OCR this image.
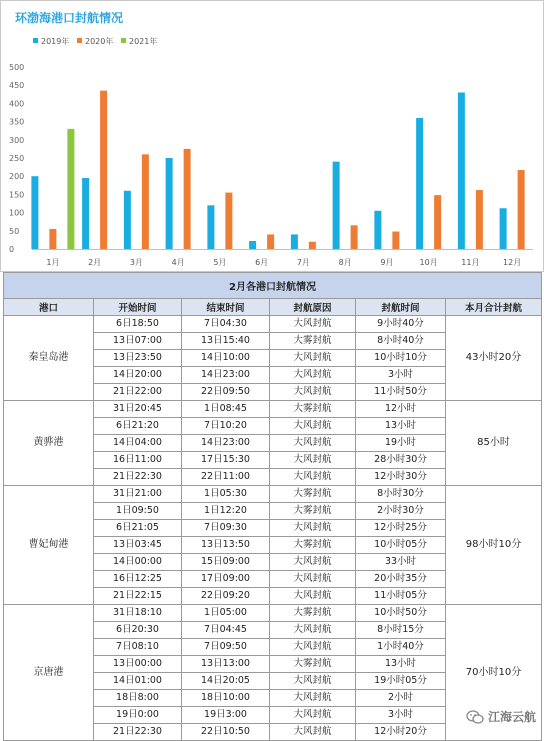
环渤海港口封航情况
2019年 2020年 2021年
0
50
100
150
200
250
300
350
400
450
500
1月	2月	3月	4月	5月	6月	7月	8月	9月	10月	11月	12月
2月各港口封航情况					
港口	开始时间	结束时间	封航原因	封航时间	本月合计封航
秦皇岛港	6日18:50	7日04:30	大风封航	9小时40分	43小时20分
	13日07:00	13日15:40	大雾封航	8小时40分	
	13日23:50	14日10:00	大风封航	10小时10分	
	14日20:00	14日23:00	大风封航	3小时	
	21日22:00	22日09:50	大风封航	11小时50分	
黄骅港	31日20:45	1日08:45	大雾封航	12小时	85小时
	6日21:20	7日10:20	大风封航	13小时	
	14日04:00	14日23:00	大风封航	19小时	
	16日11:00	17日15:30	大风封航	28小时30分	
	21日22:30	22日11:00	大风封航	12小时30分	
曹妃甸港	31日21:00	1日05:30	大雾封航	8小时30分	98小时10分
	1日09:50	1日12:20	大雾封航	2小时30分	
	6日21:05	7日09:30	大风封航	12小时25分	
	13日03:45	13日13:50	大雾封航	10小时05分	
	14日00:00	15日09:00	大风封航	33小时	
	16日12:25	17日09:00	大风封航	20小时35分	
	21日22:15	22日09:20	大风封航	11小时05分	
京唐港	31日18:10	1日05:00	大雾封航	10小时50分	70小时10分
	6日20:30	7日04:45	大风封航	8小时15分	
	7日08:10	7日09:50	大风封航	1小时40分	
	13日00:00	13日13:00	大雾封航	13小时	
	14日01:00	14日20:05	大风封航	19小时05分	
	18日8:00	18日10:00	大风封航	2小时	
	19日0:00	19日3:00	大风封航	3小时	
	21日22:30	22日10:50	大风封航	12小时20分	
江海云航
